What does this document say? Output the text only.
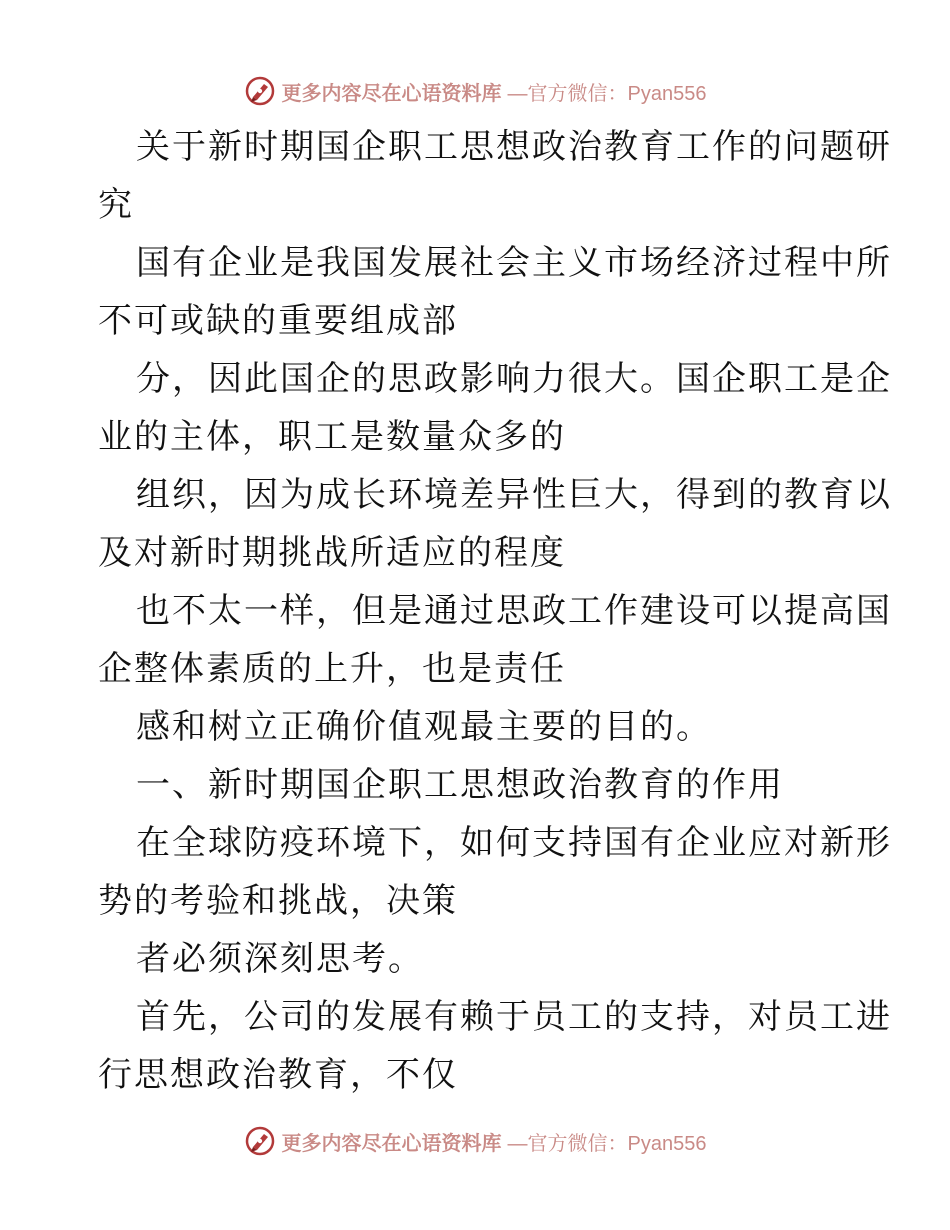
更多内容尽在心语资料库 —官方微信：Pyan556

关于新时期国企职工思想政治教育工作的问题研
究

国有企业是我国发展社会主义市场经济过程中所
不可或缺的重要组成部

分，因此国企的思政影响力很大。国企职工是企
业的主体，职工是数量众多的

组织，因为成长环境差异性巨大，得到的教育以
及对新时期挑战所适应的程度

也不太一样，但是通过思政工作建设可以提高国
企整体素质的上升，也是责任

感和树立正确价值观最主要的目的。

一、新时期国企职工思想政治教育的作用

在全球防疫环境下，如何支持国有企业应对新形
势的考验和挑战，决策

者必须深刻思考。

首先，公司的发展有赖于员工的支持，对员工进
行思想政治教育，不仅

更多内容尽在心语资料库 —官方微信：Pyan556
